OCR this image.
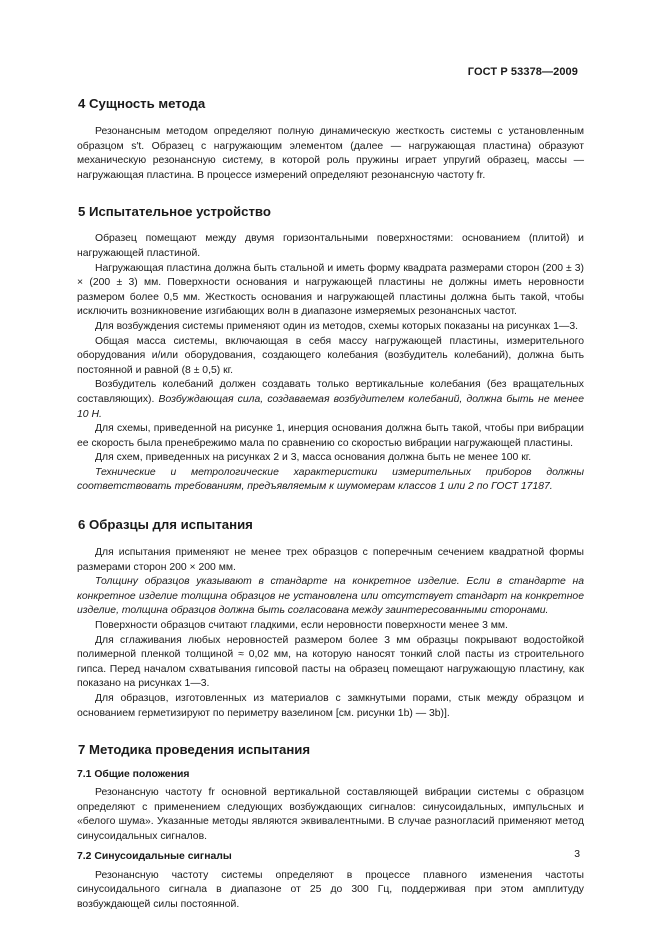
ГОСТ Р 53378—2009
4 Сущность метода

Резонансным методом определяют полную динамическую жесткость системы с установленным образцом s′t. Образец с нагружающим элементом (далее — нагружающая пластина) образуют механическую резонансную систему, в которой роль пружины играет упругий образец, массы — нагружающая пластина. В процессе измерений определяют резонансную частоту fr.

5 Испытательное устройство

Образец помещают между двумя горизонтальными поверхностями: основанием (плитой) и нагружающей пластиной.

Нагружающая пластина должна быть стальной и иметь форму квадрата размерами сторон (200 ± 3) × (200 ± 3) мм. Поверхности основания и нагружающей пластины не должны иметь неровности размером более 0,5 мм. Жесткость основания и нагружающей пластины должна быть такой, чтобы исключить возникновение изгибающих волн в диапазоне измеряемых резонансных частот.

Для возбуждения системы применяют один из методов, схемы которых показаны на рисунках 1—3.

Общая масса системы, включающая в себя массу нагружающей пластины, измерительного оборудования и/или оборудования, создающего колебания (возбудитель колебаний), должна быть постоянной и равной (8 ± 0,5) кг.

Возбудитель колебаний должен создавать только вертикальные колебания (без вращательных составляющих). Возбуждающая сила, создаваемая возбудителем колебаний, должна быть не менее 10 Н.

Для схемы, приведенной на рисунке 1, инерция основания должна быть такой, чтобы при вибрации ее скорость была пренебрежимо мала по сравнению со скоростью вибрации нагружающей пластины.

Для схем, приведенных на рисунках 2 и 3, масса основания должна быть не менее 100 кг.

Технические и метрологические характеристики измерительных приборов должны соответствовать требованиям, предъявляемым к шумомерам классов 1 или 2 по ГОСТ 17187.

6 Образцы для испытания

Для испытания применяют не менее трех образцов с поперечным сечением квадратной формы размерами сторон 200 × 200 мм.

Толщину образцов указывают в стандарте на конкретное изделие. Если в стандарте на конкретное изделие толщина образцов не установлена или отсутствует стандарт на конкретное изделие, толщина образцов должна быть согласована между заинтересованными сторонами.

Поверхности образцов считают гладкими, если неровности поверхности менее 3 мм.

Для сглаживания любых неровностей размером более 3 мм образцы покрывают водостойкой полимерной пленкой толщиной ≈ 0,02 мм, на которую наносят тонкий слой пасты из строительного гипса. Перед началом схватывания гипсовой пасты на образец помещают нагружающую пластину, как показано на рисунках 1—3.

Для образцов, изготовленных из материалов с замкнутыми порами, стык между образцом и основанием герметизируют по периметру вазелином [см. рисунки 1b) — 3b)].

7 Методика проведения испытания
7.1 Общие положения

Резонансную частоту fr основной вертикальной составляющей вибрации системы с образцом определяют с применением следующих возбуждающих сигналов: синусоидальных, импульсных и «белого шума». Указанные методы являются эквивалентными. В случае разногласий применяют метод синусоидальных сигналов.

7.2 Синусоидальные сигналы

Резонансную частоту системы определяют в процессе плавного изменения частоты синусоидального сигнала в диапазоне от 25 до 300 Гц, поддерживая при этом амплитуду возбуждающей силы постоянной.

3
